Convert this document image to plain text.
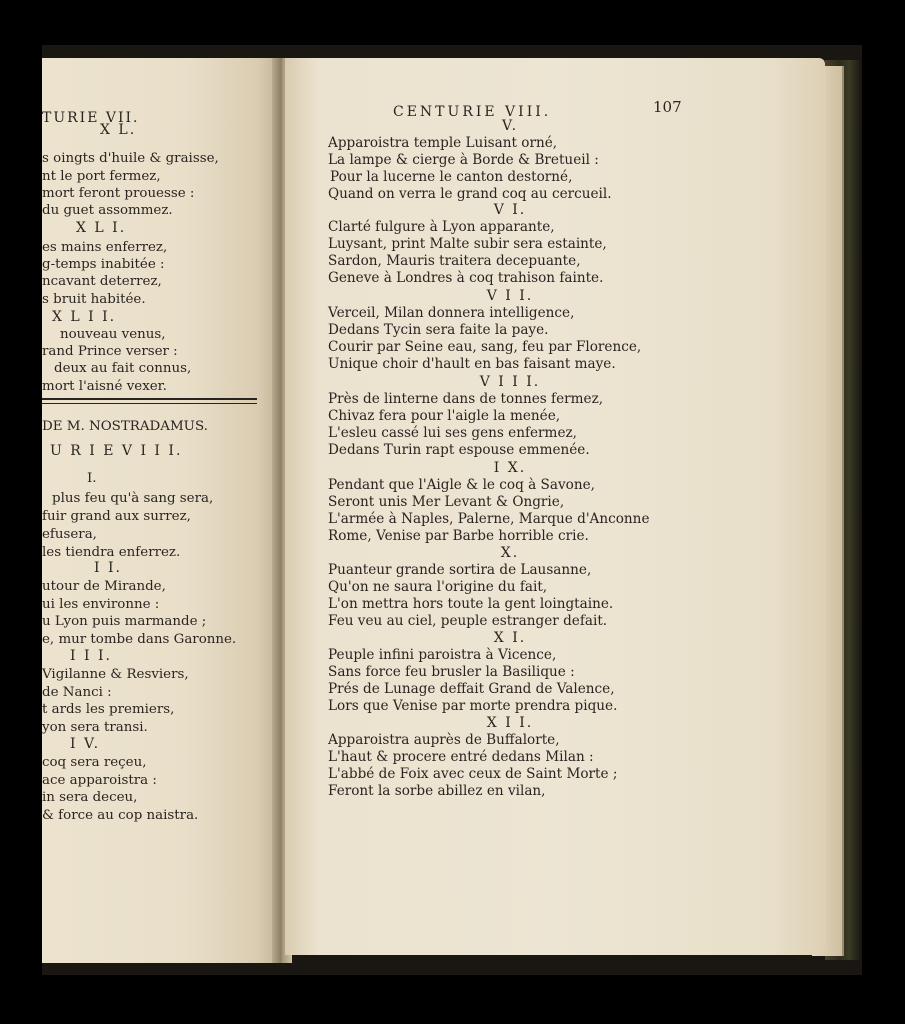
TURIE VII.
X L.
s oingts d'huile & graisse,
nt le port fermez,
mort feront prouesse :
du guet assommez.
X L I.
es mains enferrez,
g-temps inabitée :
ncavant deterrez,
s bruit habitée.
X L I I.
nouveau venus,
rand Prince verser :
deux au fait connus,
mort l'aisné vexer.
DE M. NOSTRADAMUS.
U R I E V I I I.
I.
plus feu qu'à sang sera,
fuir grand aux surrez,
efusera,
les tiendra enferrez.
I I.
utour de Mirande,
ui les environne :
u Lyon puis marmande ;
e, mur tombe dans Garonne.
I I I.
Vigilanne & Resviers,
de Nanci :
t ards les premiers,
yon sera transi.
I V.
coq sera reçeu,
ace apparoistra :
in sera deceu,
& force au cop naistra.
CENTURIE VIII.	107
V.
Apparoistra temple Luisant orné,
La lampe & cierge à Borde & Bretueil :
Pour la lucerne le canton destorné,
Quand on verra le grand coq au cercueil.
V I.
Clarté fulgure à Lyon apparante,
Luysant, print Malte subir sera estainte,
Sardon, Mauris traitera decepuante,
Geneve à Londres à coq trahison fainte.
V I I.
Verceil, Milan donnera intelligence,
Dedans Tycin sera faite la paye.
Courir par Seine eau, sang, feu par Florence,
Unique choir d'hault en bas faisant maye.
V I I I.
Près de linterne dans de tonnes fermez,
Chivaz fera pour l'aigle la menée,
L'esleu cassé lui ses gens enfermez,
Dedans Turin rapt espouse emmenée.
I X.
Pendant que l'Aigle & le coq à Savone,
Seront unis Mer Levant & Ongrie,
L'armée à Naples, Palerne, Marque d'Anconne
Rome, Venise par Barbe horrible crie.
X.
Puanteur grande sortira de Lausanne,
Qu'on ne saura l'origine du fait,
L'on mettra hors toute la gent loingtaine.
Feu veu au ciel, peuple estranger defait.
X I.
Peuple infini paroistra à Vicence,
Sans force feu brusler la Basilique :
Prés de Lunage deffait Grand de Valence,
Lors que Venise par morte prendra pique.
X I I.
Apparoistra auprès de Buffalorte,
L'haut & procere entré dedans Milan :
L'abbé de Foix avec ceux de Saint Morte ;
Feront la sorbe abillez en vilan,
